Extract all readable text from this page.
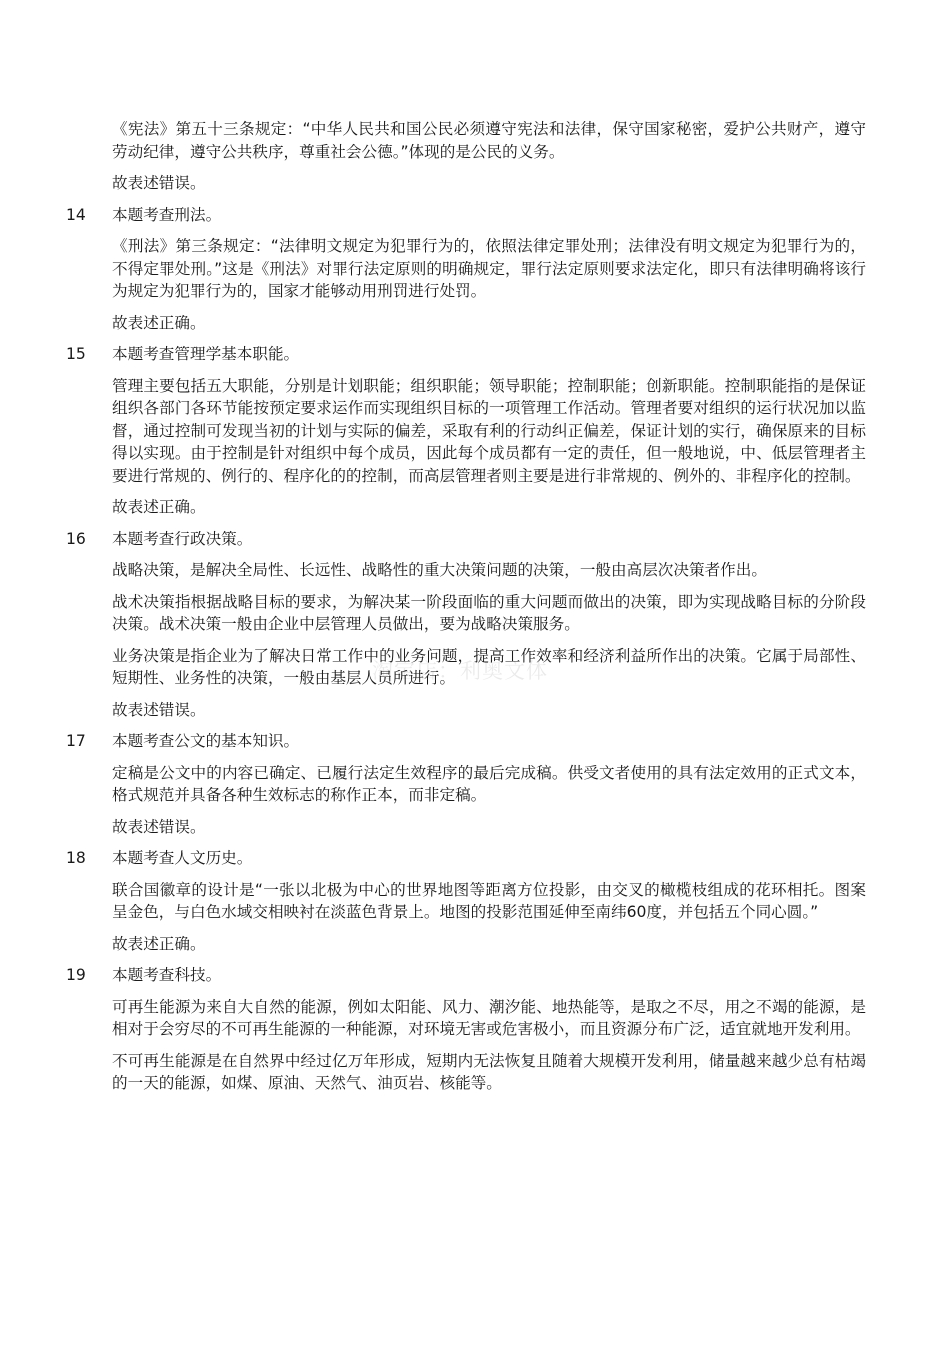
《宪法》第五十三条规定：“中华人民共和国公民必须遵守宪法和法律，保守国家秘密，爱护公共财产，遵守劳动纪律，遵守公共秩序，尊重社会公德。”体现的是公民的义务。

故表述错误。

14	本题考查刑法。

《刑法》第三条规定：“法律明文规定为犯罪行为的，依照法律定罪处刑；法律没有明文规定为犯罪行为的，不得定罪处刑。”这是《刑法》对罪行法定原则的明确规定，罪行法定原则要求法定化，即只有法律明确将该行为规定为犯罪行为的，国家才能够动用刑罚进行处罚。

故表述正确。

15	本题考查管理学基本职能。

管理主要包括五大职能，分别是计划职能；组织职能；领导职能；控制职能；创新职能。控制职能指的是保证组织各部门各环节能按预定要求运作而实现组织目标的一项管理工作活动。管理者要对组织的运行状况加以监督，通过控制可发现当初的计划与实际的偏差，采取有利的行动纠正偏差，保证计划的实行，确保原来的目标得以实现。由于控制是针对组织中每个成员，因此每个成员都有一定的责任，但一般地说，中、低层管理者主要进行常规的、例行的、程序化的的控制，而高层管理者则主要是进行非常规的、例外的、非程序化的控制。

故表述正确。

16	本题考查行政决策。

战略决策，是解决全局性、长远性、战略性的重大决策问题的决策，一般由高层次决策者作出。

战术决策指根据战略目标的要求，为解决某一阶段面临的重大问题而做出的决策，即为实现战略目标的分阶段决策。战术决策一般由企业中层管理人员做出，要为战略决策服务。

业务决策是指企业为了解决日常工作中的业务问题，提高工作效率和经济利益所作出的决策。它属于局部性、短期性、业务性的决策，一般由基层人员所进行。

故表述错误。

17	本题考查公文的基本知识。

定稿是公文中的内容已确定、已履行法定生效程序的最后完成稿。供受文者使用的具有法定效用的正式文本，格式规范并具备各种生效标志的称作正本，而非定稿。

故表述错误。

18	本题考查人文历史。

联合国徽章的设计是“一张以北极为中心的世界地图等距离方位投影，由交叉的橄榄枝组成的花环相托。图案呈金色，与白色水域交相映衬在淡蓝色背景上。地图的投影范围延伸至南纬60度，并包括五个同心圆。”

故表述正确。

19	本题考查科技。

可再生能源为来自大自然的能源，例如太阳能、风力、潮汐能、地热能等，是取之不尽，用之不竭的能源，是相对于会穷尽的不可再生能源的一种能源，对环境无害或危害极小，而且资源分布广泛，适宜就地开发利用。

不可再生能源是在自然界中经过亿万年形成，短期内无法恢复且随着大规模开发利用，储量越来越少总有枯竭的一天的能源，如煤、原油、天然气、油页岩、核能等。

淘宝店：利奥文体
